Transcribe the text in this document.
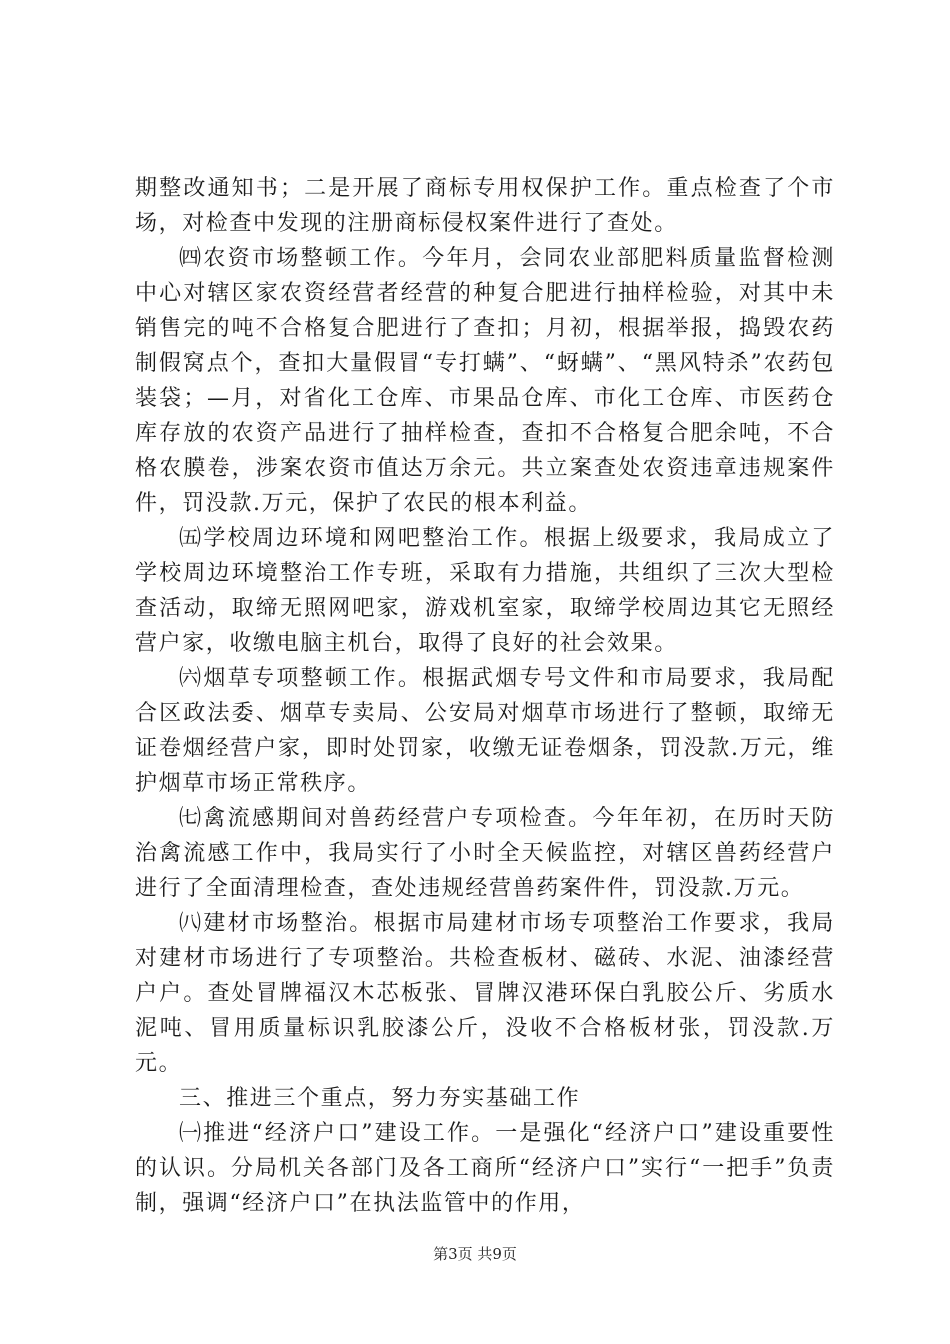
期整改通知书；二是开展了商标专用权保护工作。重点检查了个市场，对检查中发现的注册商标侵权案件进行了查处。

㈣农资市场整顿工作。今年月，会同农业部肥料质量监督检测中心对辖区家农资经营者经营的种复合肥进行抽样检验，对其中未销售完的吨不合格复合肥进行了查扣；月初，根据举报，捣毁农药制假窝点个，查扣大量假冒“专打螨”、“蚜螨”、“黑风特杀”农药包装袋；—月，对省化工仓库、市果品仓库、市化工仓库、市医药仓库存放的农资产品进行了抽样检查，查扣不合格复合肥余吨，不合格农膜卷，涉案农资市值达万余元。共立案查处农资违章违规案件件，罚没款.万元，保护了农民的根本利益。

㈤学校周边环境和网吧整治工作。根据上级要求，我局成立了学校周边环境整治工作专班，采取有力措施，共组织了三次大型检查活动，取缔无照网吧家，游戏机室家，取缔学校周边其它无照经营户家，收缴电脑主机台，取得了良好的社会效果。

㈥烟草专项整顿工作。根据武烟专号文件和市局要求，我局配合区政法委、烟草专卖局、公安局对烟草市场进行了整顿，取缔无证卷烟经营户家，即时处罚家，收缴无证卷烟条，罚没款.万元，维护烟草市场正常秩序。

㈦禽流感期间对兽药经营户专项检查。今年年初，在历时天防治禽流感工作中，我局实行了小时全天候监控，对辖区兽药经营户进行了全面清理检查，查处违规经营兽药案件件，罚没款.万元。

㈧建材市场整治。根据市局建材市场专项整治工作要求，我局对建材市场进行了专项整治。共检查板材、磁砖、水泥、油漆经营户户。查处冒牌福汉木芯板张、冒牌汉港环保白乳胶公斤、劣质水泥吨、冒用质量标识乳胶漆公斤，没收不合格板材张，罚没款.万元。

三、推进三个重点，努力夯实基础工作

㈠推进“经济户口”建设工作。一是强化“经济户口”建设重要性的认识。分局机关各部门及各工商所“经济户口”实行“一把手”负责制，强调“经济户口”在执法监管中的作用，

第3页 共9页
